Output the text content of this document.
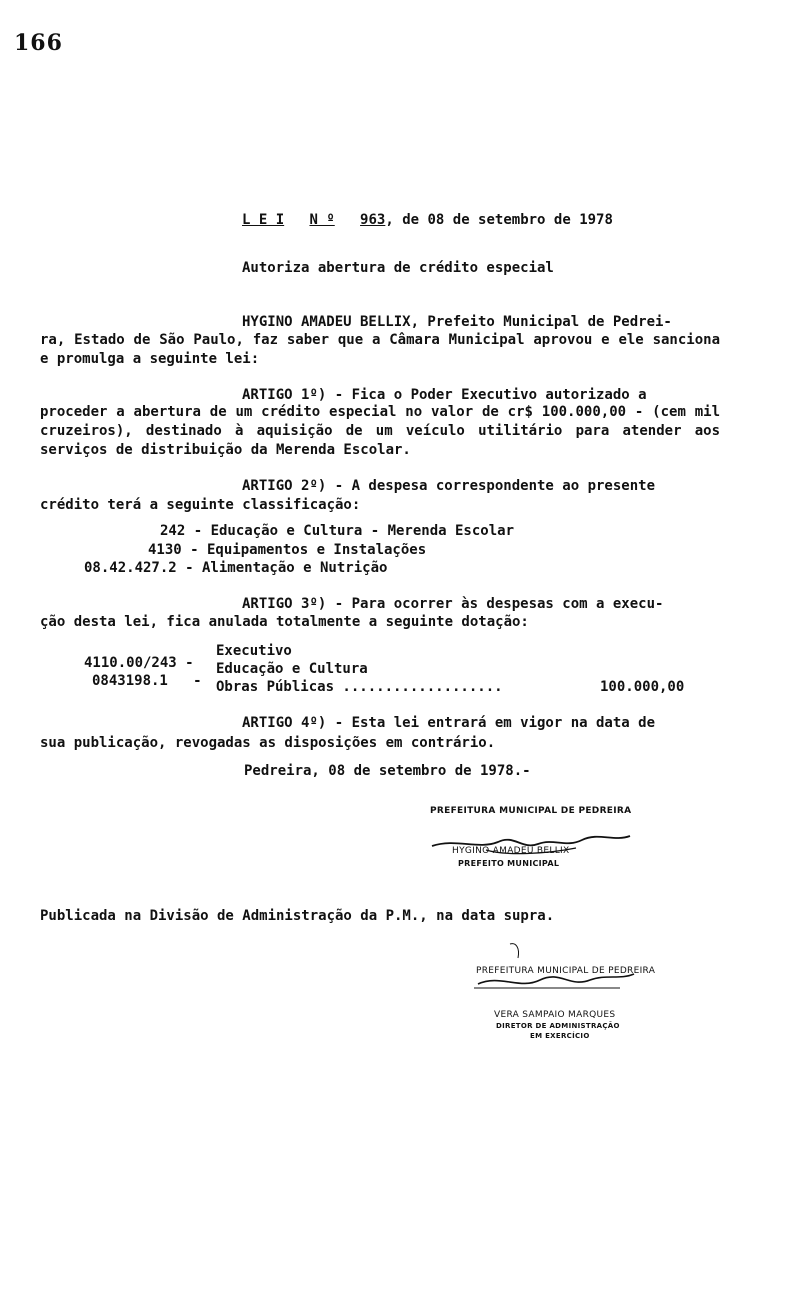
166
L E I N º 963, de 08 de setembro de 1978
Autoriza abertura de crédito especial
HYGINO AMADEU BELLIX, Prefeito Municipal de Pedrei-
ra, Estado de São Paulo, faz saber que a Câmara Municipal aprovou e ele sanciona e promulga a seguinte lei:
ARTIGO 1º) - Fica o Poder Executivo autorizado a
proceder a abertura de um crédito especial no valor de cr$ 100.000,00 - (cem mil cruzeiros), destinado à aquisição de um veículo utilitário para atender aos serviços de distribuição da Merenda Escolar.
ARTIGO 2º) - A despesa correspondente ao presente
crédito terá a seguinte classificação:
242 - Educação e Cultura - Merenda Escolar
4130 - Equipamentos e Instalações
08.42.427.2 - Alimentação e Nutrição
ARTIGO 3º) - Para ocorrer às despesas com a execu-
ção desta lei, fica anulada totalmente a seguinte dotação:
4110.00/243 -
0843198.1   -
Executivo
Educação e Cultura
Obras Públicas ...................	100.000,00
ARTIGO 4º) - Esta lei entrará em vigor na data de
sua publicação, revogadas as disposições em contrário.
Pedreira, 08 de setembro de 1978.-
PREFEITURA MUNICIPAL DE PEDREIRA
HYGINO AMADEU BELLIX
PREFEITO MUNICIPAL
Publicada na Divisão de Administração da P.M., na data supra.
PREFEITURA MUNICIPAL DE PEDREIRA
VERA SAMPAIO MARQUES
DIRETOR DE ADMINISTRAÇÃO
EM EXERCÍCIO
